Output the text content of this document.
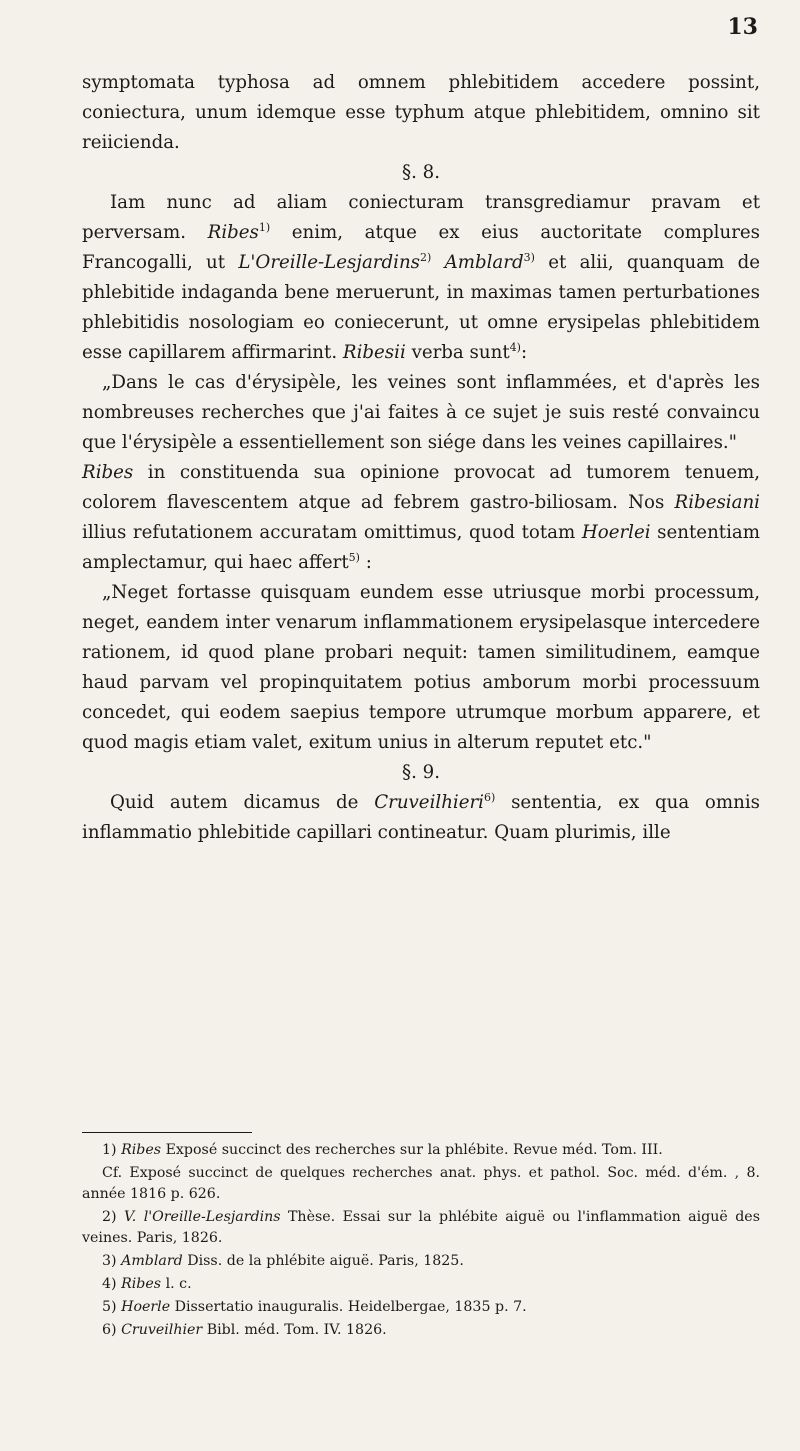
13

symptomata typhosa ad omnem phlebitidem accedere possint, coniectura, unum idemque esse typhum atque phlebitidem, omnino sit reiicienda.

§. 8.

Iam nunc ad aliam coniecturam transgrediamur pravam et perversam. Ribes$^{1)}$ enim, atque ex eius auctoritate complures Francogalli, ut L'Oreille-Lesjardins$^{2)}$ Amblard$^{3)}$ et alii, quanquam de phlebitide indaganda bene meruerunt, in maximas tamen perturbationes phlebitidis nosologiam eo coniecerunt, ut omne erysipelas phlebitidem esse capillarem affirmarint. Ribesii verba sunt$^{4)}$:

„Dans le cas d'érysipèle, les veines sont inflammées, et d'après les nombreuses recherches que j'ai faites à ce sujet je suis resté convaincu que l'érysipèle a essentiellement son siége dans les veines capillaires."

Ribes in constituenda sua opinione provocat ad tumorem tenuem, colorem flavescentem atque ad febrem gastro-biliosam. Nos Ribesiani illius refutationem accuratam omittimus, quod totam Hoerlei sententiam amplectamur, qui haec affert$^{5)}$ :

„Neget fortasse quisquam eundem esse utriusque morbi processum, neget, eandem inter venarum inflammationem erysipelasque intercedere rationem, id quod plane probari nequit: tamen similitudinem, eamque haud parvam vel propinquitatem potius amborum morbi processuum concedet, qui eodem saepius tempore utrumque morbum apparere, et quod magis etiam valet, exitum unius in alterum reputet etc."

§. 9.

Quid autem dicamus de Cruveilhieri$^{6)}$ sententia, ex qua omnis inflammatio phlebitide capillari contineatur. Quam plurimis, ille

1) Ribes Exposé succinct des recherches sur la phlébite. Revue méd. Tom. III.

Cf. Exposé succinct de quelques recherches anat. phys. et pathol. Soc. méd. d'ém. , 8. année 1816 p. 626.

2) V. l'Oreille-Lesjardins Thèse. Essai sur la phlébite aiguë ou l'inflammation aiguë des veines. Paris, 1826.

3) Amblard Diss. de la phlébite aiguë. Paris, 1825.

4) Ribes l. c.

5) Hoerle Dissertatio inauguralis. Heidelbergae, 1835 p. 7.

6) Cruveilhier Bibl. méd. Tom. IV. 1826.
